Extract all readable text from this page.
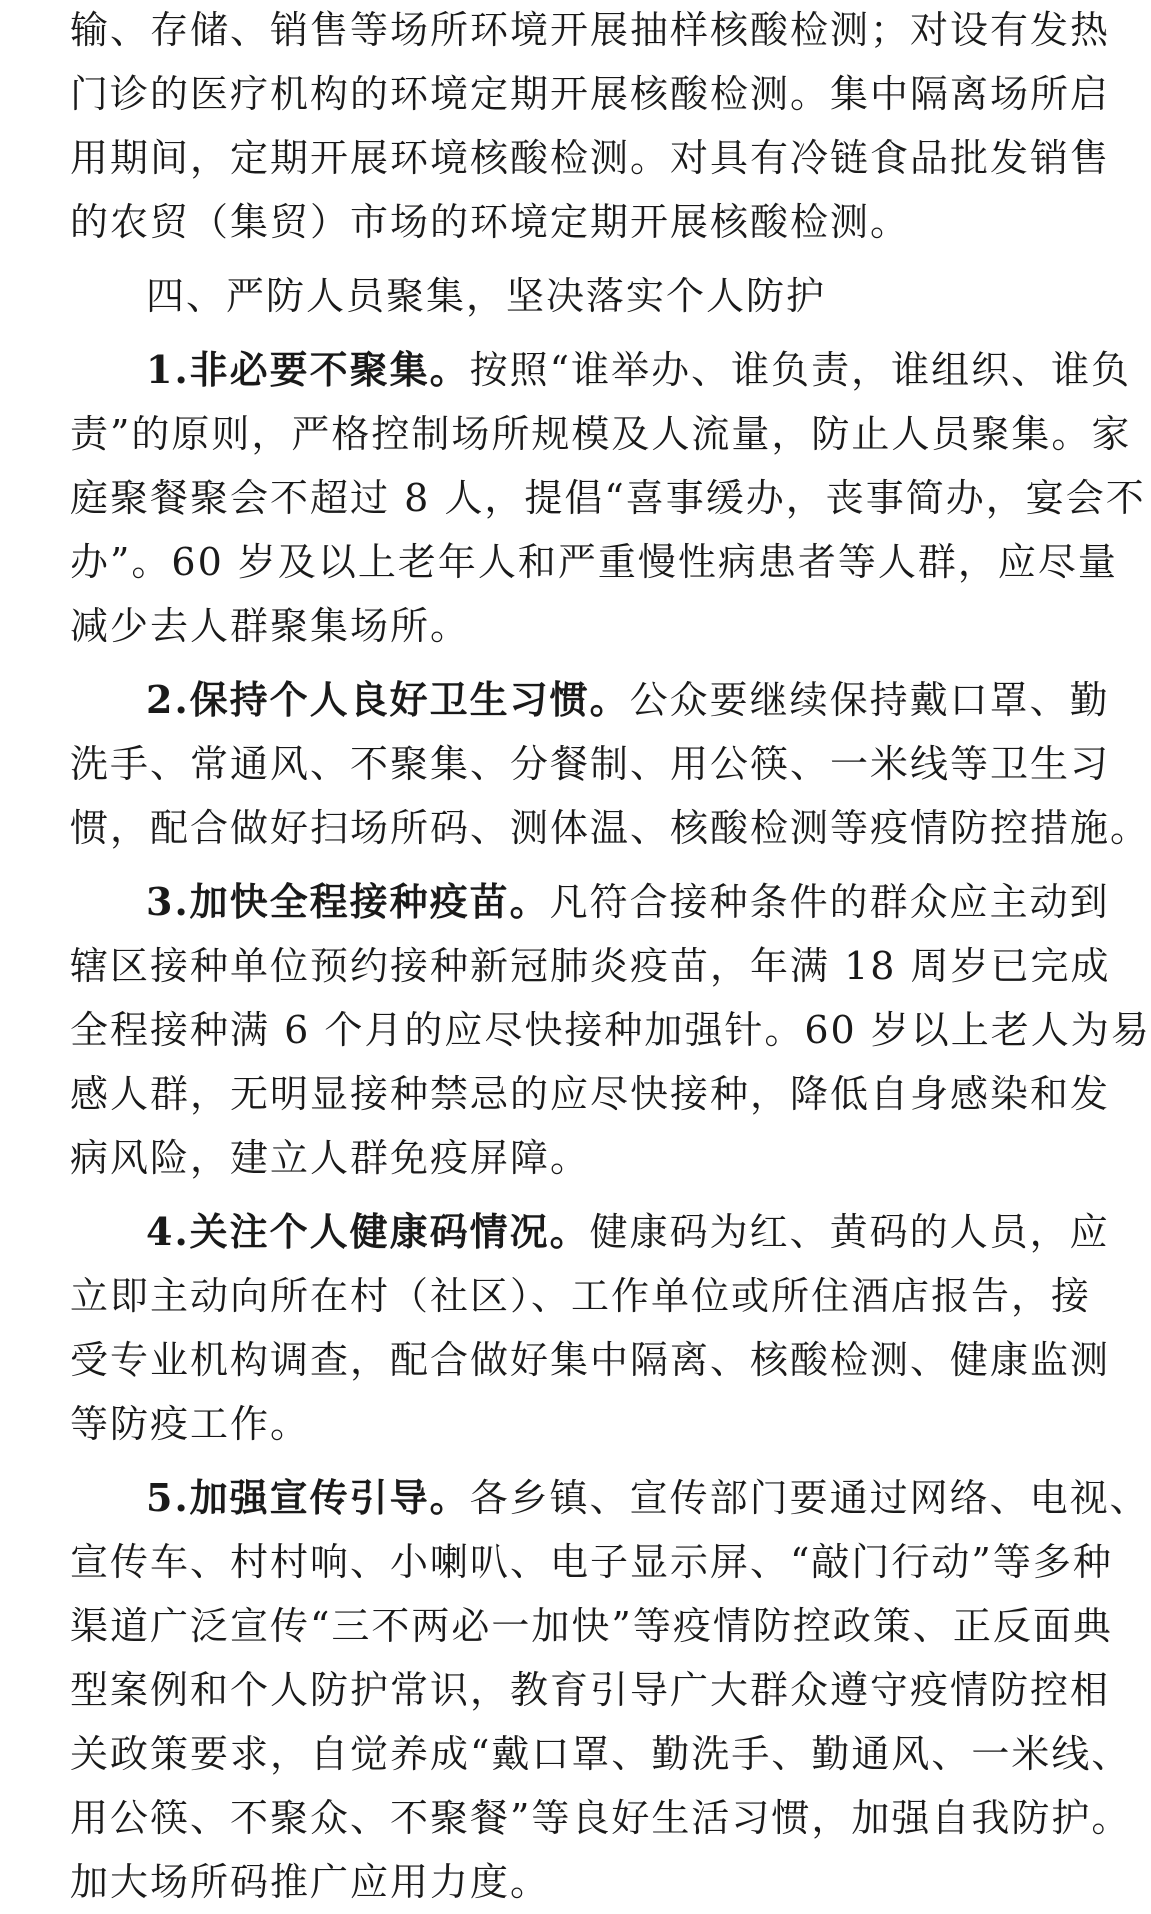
输、存储、销售等场所环境开展抽样核酸检测；对设有发热
门诊的医疗机构的环境定期开展核酸检测。集中隔离场所启
用期间，定期开展环境核酸检测。对具有冷链食品批发销售
的农贸（集贸）市场的环境定期开展核酸检测。
四、严防人员聚集，坚决落实个人防护
1.非必要不聚集。按照“谁举办、谁负责，谁组织、谁负
责”的原则，严格控制场所规模及人流量，防止人员聚集。家
庭聚餐聚会不超过 8 人，提倡“喜事缓办，丧事简办，宴会不
办”。60 岁及以上老年人和严重慢性病患者等人群，应尽量
减少去人群聚集场所。
2.保持个人良好卫生习惯。公众要继续保持戴口罩、勤
洗手、常通风、不聚集、分餐制、用公筷、一米线等卫生习
惯，配合做好扫场所码、测体温、核酸检测等疫情防控措施。
3.加快全程接种疫苗。凡符合接种条件的群众应主动到
辖区接种单位预约接种新冠肺炎疫苗，年满 18 周岁已完成
全程接种满 6 个月的应尽快接种加强针。60 岁以上老人为易
感人群，无明显接种禁忌的应尽快接种，降低自身感染和发
病风险，建立人群免疫屏障。
4.关注个人健康码情况。健康码为红、黄码的人员，应
立即主动向所在村（社区）、工作单位或所住酒店报告，接
受专业机构调查，配合做好集中隔离、核酸检测、健康监测
等防疫工作。
5.加强宣传引导。各乡镇、宣传部门要通过网络、电视、
宣传车、村村响、小喇叭、电子显示屏、“敲门行动”等多种
渠道广泛宣传“三不两必一加快”等疫情防控政策、正反面典
型案例和个人防护常识，教育引导广大群众遵守疫情防控相
关政策要求，自觉养成“戴口罩、勤洗手、勤通风、一米线、
用公筷、不聚众、不聚餐”等良好生活习惯，加强自我防护。
加大场所码推广应用力度。
